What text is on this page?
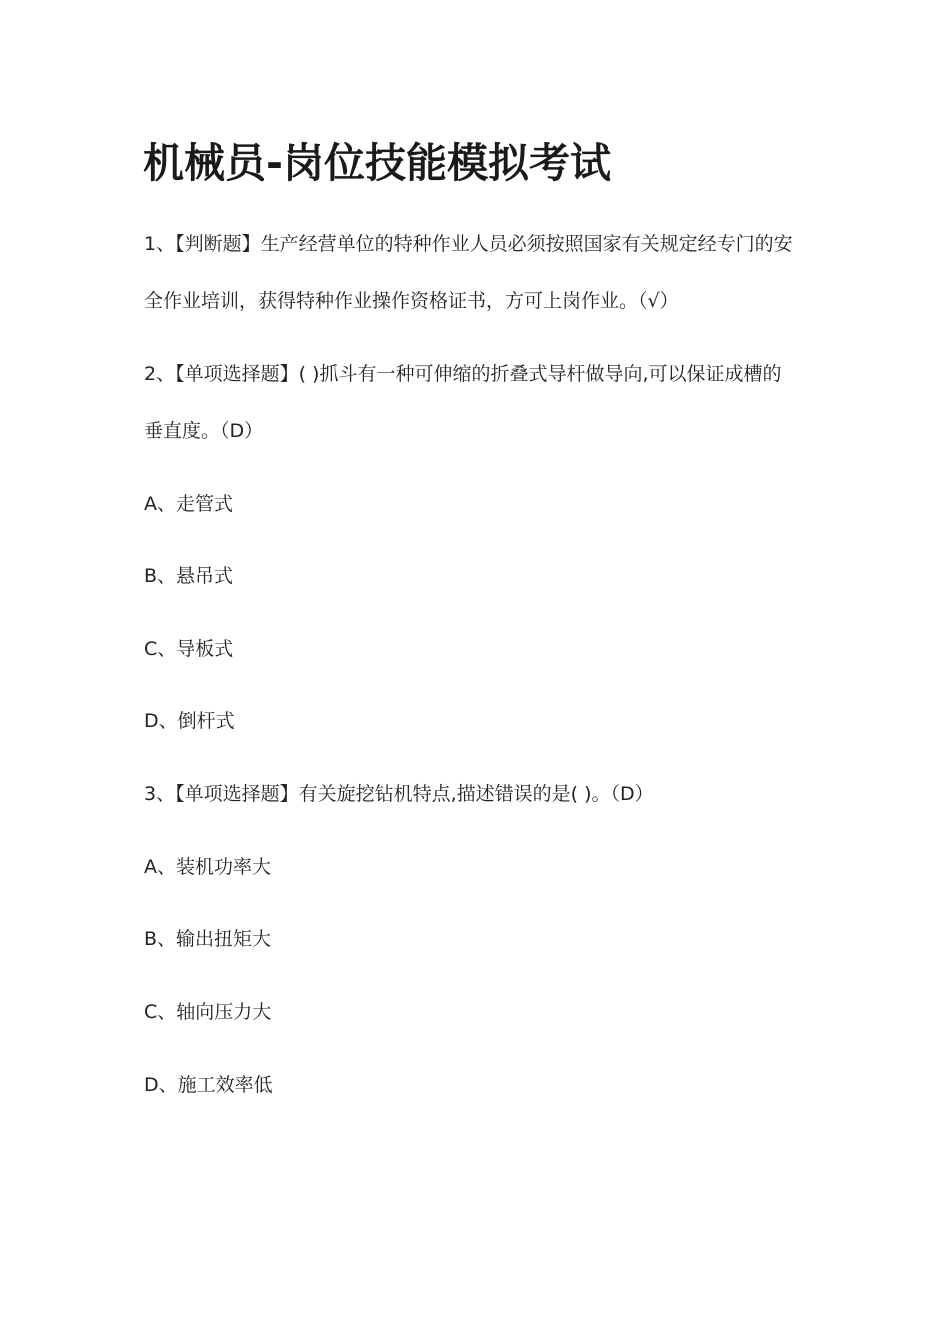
机械员-岗位技能模拟考试

1、【判断题】生产经营单位的特种作业人员必须按照国家有关规定经专门的安

全作业培训，获得特种作业操作资格证书，方可上岗作业。（√）

2、【单项选择题】( )抓斗有一种可伸缩的折叠式导杆做导向,可以保证成槽的

垂直度。（D）

A、走管式

B、悬吊式

C、导板式

D、倒杆式

3、【单项选择题】有关旋挖钻机特点,描述错误的是( )。（D）

A、装机功率大

B、输出扭矩大

C、轴向压力大

D、施工效率低
